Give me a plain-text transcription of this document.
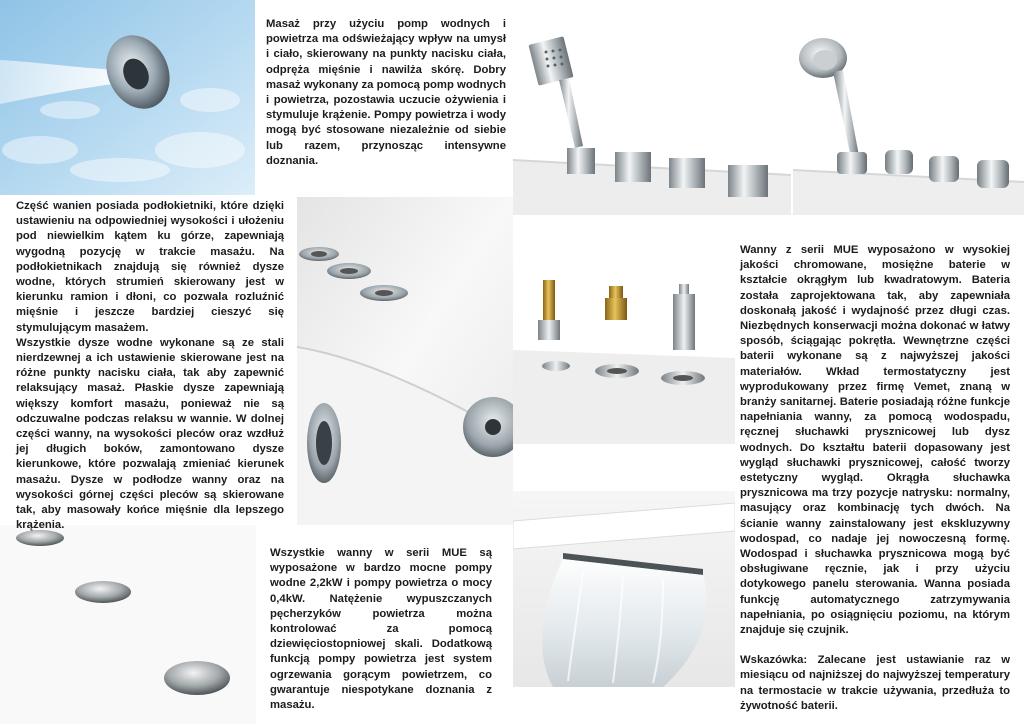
Masaż przy użyciu pomp wodnych i powietrza ma odświeżający wpływ na umysł i ciało, skierowany na punkty nacisku ciała, odpręża mięśnie i nawilża skórę. Dobry masaż wykonany za pomocą pomp wodnych i powietrza, pozostawia uczucie ożywienia i stymuluje krążenie. Pompy powietrza i wody mogą być stosowane niezależnie od siebie lub razem, przynosząc intensywne doznania.

Część wanien posiada podłokietniki, które dzięki ustawieniu na odpowiedniej wysokości i ułożeniu pod niewielkim kątem ku górze, zapewniają wygodną pozycję w trakcie masażu. Na podłokietnikach znajdują się również dysze wodne, których strumień skierowany jest w kierunku ramion i dłoni, co pozwala rozluźnić mięśnie i jeszcze bardziej cieszyć się stymulującym masażem.

Wszystkie dysze wodne wykonane są ze stali nierdzewnej a ich ustawienie skierowane jest na różne punkty nacisku ciała, tak aby zapewnić relaksujący masaż. Płaskie dysze zapewniają większy komfort masażu, ponieważ nie są odczuwalne podczas relaksu w wannie. W dolnej części wanny, na wysokości pleców oraz wzdłuż jej długich boków, zamontowano dysze kierunkowe, które pozwalają zmieniać kierunek masażu. Dysze w podłodze wanny oraz na wysokości górnej części pleców są skierowane tak, aby masowały końce mięśnie dla lepszego krążenia.

Wszystkie wanny w serii MUE są wyposażone w bardzo mocne pompy wodne 2,2kW i pompy powietrza o mocy 0,4kW. Natężenie wypuszczanych pęcherzyków powietrza można kontrolować za pomocą dziewięciostopniowej skali. Dodatkową funkcją pompy powietrza jest system ogrzewania gorącym powietrzem, co gwarantuje niespotykane doznania z masażu.

Wanny z serii MUE wyposażono w wysokiej jakości chromowane, mosiężne baterie w kształcie okrągłym lub kwadratowym. Bateria została zaprojektowana tak, aby zapewniała doskonałą jakość i wydajność przez długi czas. Niezbędnych konserwacji można dokonać w łatwy sposób, ściągając pokrętła. Wewnętrzne części baterii wykonane są z najwyższej jakości materiałów. Wkład termostatyczny jest wyprodukowany przez firmę Vemet, znaną w branży sanitarnej. Baterie posiadają różne funkcje napełniania wanny, za pomocą wodospadu, ręcznej słuchawki prysznicowej lub dysz wodnych. Do kształtu baterii dopasowany jest wygląd słuchawki prysznicowej, całość tworzy estetyczny wygląd. Okrągła słuchawka prysznicowa ma trzy pozycje natrysku: normalny, masujący oraz kombinację tych dwóch. Na ścianie wanny zainstalowany jest ekskluzywny wodospad, co nadaje jej nowoczesną formę. Wodospad i słuchawka prysznicowa mogą być obsługiwane ręcznie, jak i przy użyciu dotykowego panelu sterowania. Wanna posiada funkcję automatycznego zatrzymywania napełniania, po osiągnięciu poziomu, na którym znajduje się czujnik.

Wskazówka: Zalecane jest ustawianie raz w miesiącu od najniższej do najwyższej temperatury na termostacie w trakcie używania, przedłuża to żywotność baterii.
